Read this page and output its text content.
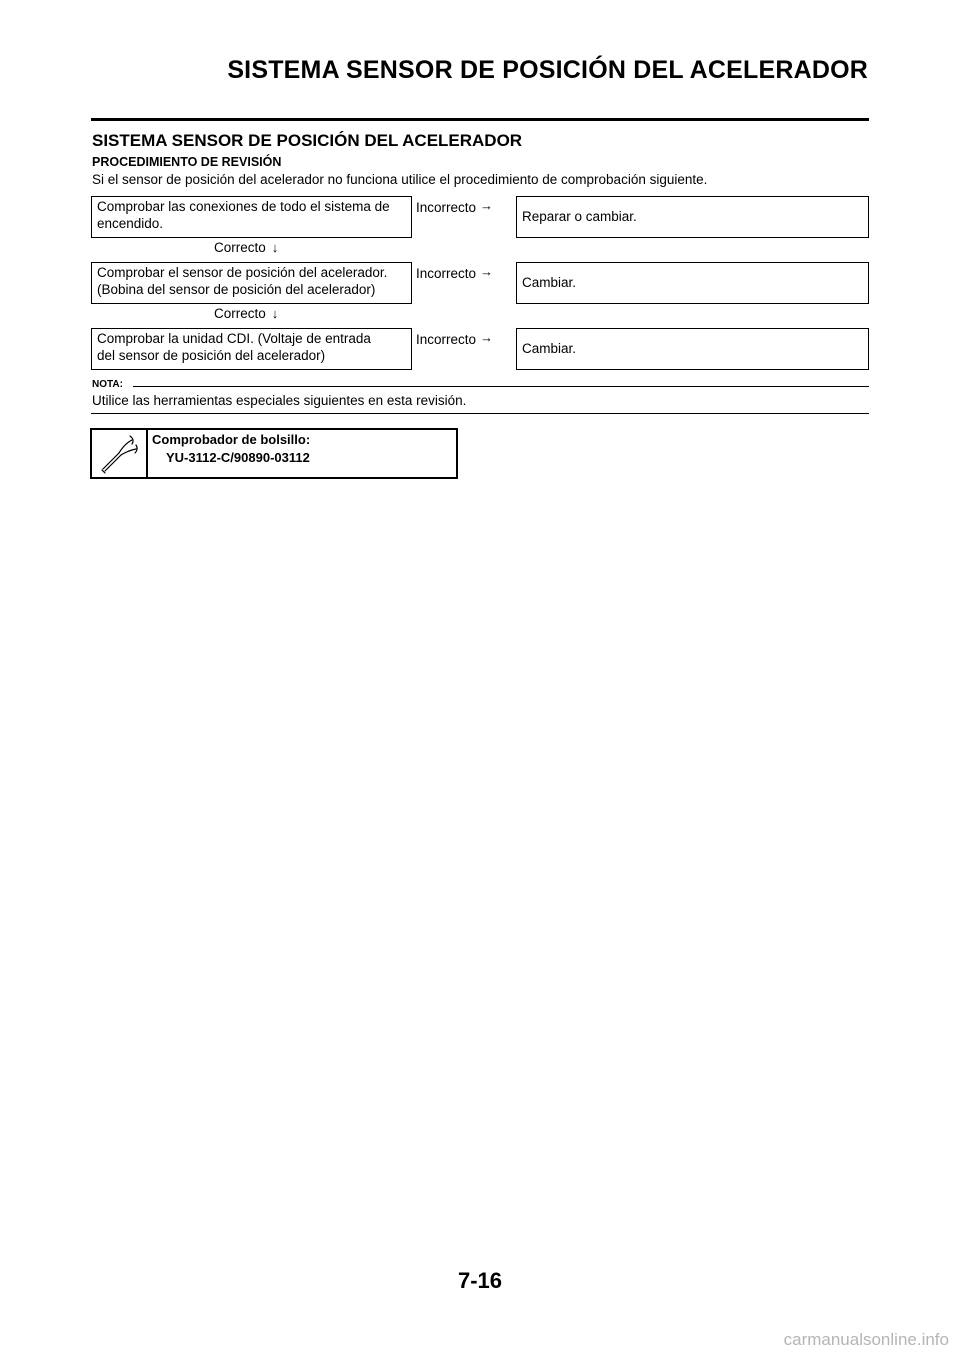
SISTEMA SENSOR DE POSICIÓN DEL ACELERADOR
SISTEMA SENSOR DE POSICIÓN DEL ACELERADOR
PROCEDIMIENTO DE REVISIÓN
Si el sensor de posición del acelerador no funciona utilice el procedimiento de comprobación siguiente.
Comprobar las conexiones de todo el sistema de
encendido.
Incorrecto →
Reparar o cambiar.
Correcto ↓
Comprobar el sensor de posición del acelerador.
(Bobina del sensor de posición del acelerador)
Incorrecto →
Cambiar.
Correcto ↓
Comprobar la unidad CDI. (Voltaje de entrada
del sensor de posición del acelerador)
Incorrecto →
Cambiar.
NOTA:
Utilice las herramientas especiales siguientes en esta revisión.
Comprobador de bolsillo:
YU-3112-C/90890-03112
7-16
carmanualsonline.info
